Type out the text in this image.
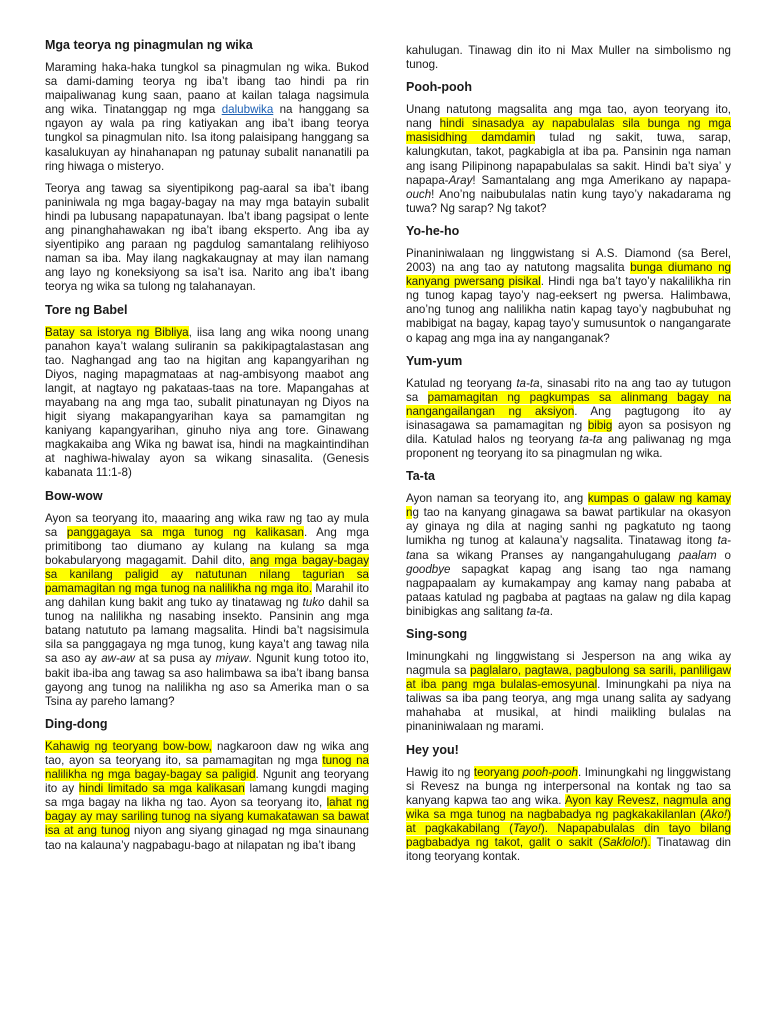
Mga teorya ng pinagmulan ng wika

Maraming haka-haka tungkol sa pinagmulan ng wika. Bukod sa dami-daming teorya ng iba’t ibang tao hindi pa rin maipaliwanag kung saan, paano at kailan talaga nagsimula ang wika. Tinatanggap ng mga dalubwika na hanggang sa ngayon ay wala pa ring katiyakan ang iba’t ibang teorya tungkol sa pinagmulan nito. Isa itong palaisipang hanggang sa kasalukuyan ay hinahanapan ng patunay subalit nananatili pa ring hiwaga o misteryo.

Teorya ang tawag sa siyentipikong pag-aaral sa iba’t ibang paniniwala ng mga bagay-bagay na may mga batayin subalit hindi pa lubusang napapatunayan. Iba’t ibang pagsipat o lente ang pinanghahawakan ng iba’t ibang eksperto. Ang iba ay siyentipiko ang paraan ng pagdulog samantalang relihiyoso naman sa iba. May ilang nagkakaugnay at may ilan namang ang layo ng koneksiyong sa isa’t isa. Narito ang iba’t ibang teorya ng wika sa tulong ng talahanayan.

Tore ng Babel

Batay sa istorya ng Bibliya, iisa lang ang wika noong unang panahon kaya’t walang suliranin sa pakikipagtalastasan ang tao. Naghangad ang tao na higitan ang kapangyarihan ng Diyos, naging mapagmataas at nag-ambisyong maabot ang langit, at nagtayo ng pakataas-taas na tore. Mapangahas at mayabang na ang mga tao, subalit pinatunayan ng Diyos na higit siyang makapangyarihan kaya sa pamamgitan ng kaniyang kapangyarihan, ginuho niya ang tore. Ginawang magkakaiba ang Wika ng bawat isa, hindi na magkaintindihan at naghiwa-hiwalay ayon sa wikang sinasalita. (Genesis kabanata 11:1-8)

Bow-wow

Ayon sa teoryang ito, maaaring ang wika raw ng tao ay mula sa panggagaya sa mga tunog ng kalikasan. Ang mga primitibong tao diumano ay kulang na kulang sa mga bokabularyong magagamit. Dahil dito, ang mga bagay-bagay sa kanilang paligid ay natutunan nilang tagurian sa pamamagitan ng mga tunog na nalilikha ng mga ito. Marahil ito ang dahilan kung bakit ang tuko ay tinatawag ng tuko dahil sa tunog na nalilikha ng nasabing insekto. Pansinin ang mga batang natututo pa lamang magsalita. Hindi ba’t nagsisimula sila sa panggagaya ng mga tunog, kung kaya’t ang tawag nila sa aso ay aw-aw at sa pusa ay miyaw. Ngunit kung totoo ito, bakit iba-iba ang tawag sa aso halimbawa sa iba’t ibang bansa gayong ang tunog na nalilikha ng aso sa Amerika man o sa Tsina ay pareho lamang?

Ding-dong

Kahawig ng teoryang bow-bow, nagkaroon daw ng wika ang tao, ayon sa teoryang ito, sa pamamagitan ng mga tunog na nalilikha ng mga bagay-bagay sa paligid. Ngunit ang teoryang ito ay hindi limitado sa mga kalikasan lamang kungdi maging sa mga bagay na likha ng tao. Ayon sa teoryang ito, lahat ng bagay ay may sariling tunog na siyang kumakatawan sa bawat isa at ang tunog niyon ang siyang ginagad ng mga sinaunang tao na kalaunа’y nagpabagu-bago at nilapatan ng iba’t ibang

kahulugan. Tinawag din ito ni Max Muller na simbolismo ng tunog.

Pooh-pooh

Unang natutong magsalita ang mga tao, ayon teoryang ito, nang hindi sinasadya ay napabulalas sila bunga ng mga masisidhing damdamin tulad ng sakit, tuwa, sarap, kalungkutan, takot, pagkabigla at iba pa. Pansinin nga naman ang isang Pilipinong napapabulalas sa sakit. Hindi ba’t siya’ y napapa-Aray! Samantalang ang mga Amerikano ay napapa-ouch! Ano’ng naibubulalas natin kung tayo’y nakadarama ng tuwa? Ng sarap? Ng takot?

Yo-he-ho

Pinaniniwalaan ng linggwistang si A.S. Diamond (sa Berel, 2003) na ang tao ay natutong magsalita bunga diumano ng kanyang pwersang pisikal. Hindi nga ba’t tayo’y nakalilikha rin ng tunog kapag tayo’y nag-eeksert ng pwersa. Halimbawa, ano’ng tunog ang nalilikha natin kapag tayo’y nagbubuhat ng mabibigat na bagay, kapag tayo’y sumusuntok o nangangarate o kapag ang mga ina ay nanganganak?

Yum-yum

Katulad ng teoryang ta-ta, sinasabi rito na ang tao ay tutugon sa pamamagitan ng pagkumpas sa alinmang bagay na nangangailangan ng aksiyon. Ang pagtugong ito ay isinasagawa sa pamamagitan ng bibig ayon sa posisyon ng dila. Katulad halos ng teoryang ta-ta ang paliwanag ng mga proponent ng teoryang ito sa pinagmulan ng wika.

Ta-ta

Ayon naman sa teoryang ito, ang kumpas o galaw ng kamay ng tao na kanyang ginagawa sa bawat partikular na okasyon ay ginaya ng dila at naging sanhi ng pagkatuto ng taong lumikha ng tunog at kalauna’y nagsalita. Tinatawag itong ta-tana sa wikang Pranses ay nangangahulugang paalam o goodbye sapagkat kapag ang isang tao nga namang nagpapaalam ay kumakampay ang kamay nang pababa at pataas katulad ng pagbaba at pagtaas na galaw ng dila kapag binibigkas ang salitang ta-ta.

Sing-song

Iminungkahi ng linggwistang si Jesperson na ang wika ay nagmula sa paglalaro, pagtawa, pagbulong sa sarili, panliligaw at iba pang mga bulalas-emosyunal. Iminungkahi pa niya na taliwas sa iba pang teorya, ang mga unang salita ay sadyang mahahaba at musikal, at hindi maiikling bulalas na pinaniniwalaan ng marami.

Hey you!

Hawig ito ng teoryang pooh-pooh. Iminungkahi ng linggwistang si Revesz na bunga ng interpersonal na kontak ng tao sa kanyang kapwa tao ang wika. Ayon kay Revesz, nagmula ang wika sa mga tunog na nagbabadya ng pagkakakilanlan (Ako!) at pagkakabilang (Tayo!). Napapabulalas din tayo bilang pagbabadya ng takot, galit o sakit (Saklolo!). Tinatawag din itong teoryang kontak.
